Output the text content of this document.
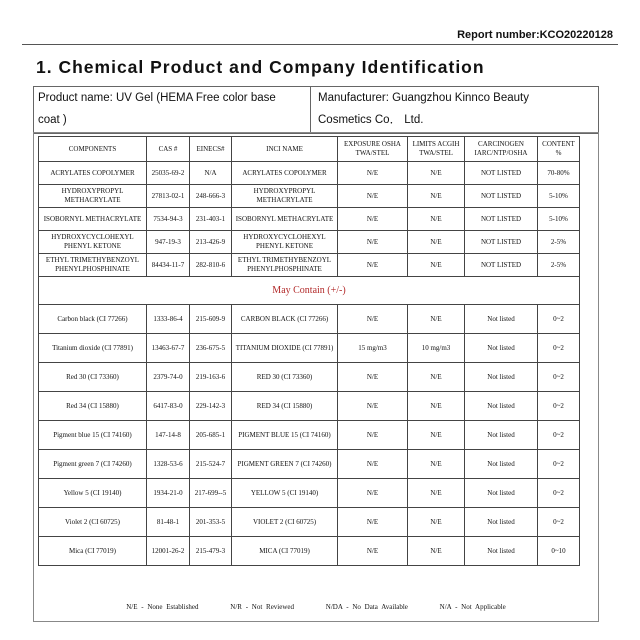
Report number:KCO20220128
1. Chemical Product and Company Identification
Product name: UV Gel (HEMA Free color base
coat )
Manufacturer: Guangzhou Kinnco Beauty
Cosmetics Co． Ltd.
COMPONENTS	CAS #	EINECS#	INCI NAME	EXPOSURE OSHA TWA/STEL	LIMITS ACGIH TWA/STEL	CARCINOGEN IARC/NTP/OSHA	CONTENT %
ACRYLATES COPOLYMER	25035-69-2	N/A	ACRYLATES COPOLYMER	N/E	N/E	NOT LISTED	70-80%
HYDROXYPROPYL METHACRYLATE	27813-02-1	248-666-3	HYDROXYPROPYL METHACRYLATE	N/E	N/E	NOT LISTED	5-10%
ISOBORNYL METHACRYLATE	7534-94-3	231-403-1	ISOBORNYL METHACRYLATE	N/E	N/E	NOT LISTED	5-10%
HYDROXYCYCLOHEXYL PHENYL KETONE	947-19-3	213-426-9	HYDROXYCYCLOHEXYL PHENYL KETONE	N/E	N/E	NOT LISTED	2-5%
ETHYL TRIMETHYBENZOYL PHENYLPHOSPHINATE	84434-11-7	282-810-6	ETHYL TRIMETHYBENZOYL PHENYLPHOSPHINATE	N/E	N/E	NOT LISTED	2-5%
May Contain (+/-)							
Carbon black (CI 77266)	1333-86-4	215-609-9	CARBON BLACK (CI 77266)	N/E	N/E	Not listed	0~2
Titanium dioxide (CI 77891)	13463-67-7	236-675-5	TITANIUM DIOXIDE (CI 77891)	15 mg/m3	10 mg/m3	Not listed	0~2
Red 30 (CI 73360)	2379-74-0	219-163-6	RED 30 (CI 73360)	N/E	N/E	Not listed	0~2
Red 34 (CI 15880)	6417-83-0	229-142-3	RED 34 (CI 15880)	N/E	N/E	Not listed	0~2
Pigment blue 15 (CI 74160)	147-14-8	205-685-1	PIGMENT BLUE 15 (CI 74160)	N/E	N/E	Not listed	0~2
Pigment green 7 (CI 74260)	1328-53-6	215-524-7	PIGMENT GREEN 7 (CI 74260)	N/E	N/E	Not listed	0~2
Yellow 5 (CI 19140)	1934-21-0	217-699--5	YELLOW 5 (CI 19140)	N/E	N/E	Not listed	0~2
Violet 2 (CI 60725)	81-48-1	201-353-5	VIOLET 2 (CI 60725)	N/E	N/E	Not listed	0~2
Mica (CI 77019)	12001-26-2	215-479-3	MICA (CI 77019)	N/E	N/E	Not listed	0~10
N/E - None Established	N/R - Not Reviewed	N/DA - No Data Available	N/A - Not Applicable
